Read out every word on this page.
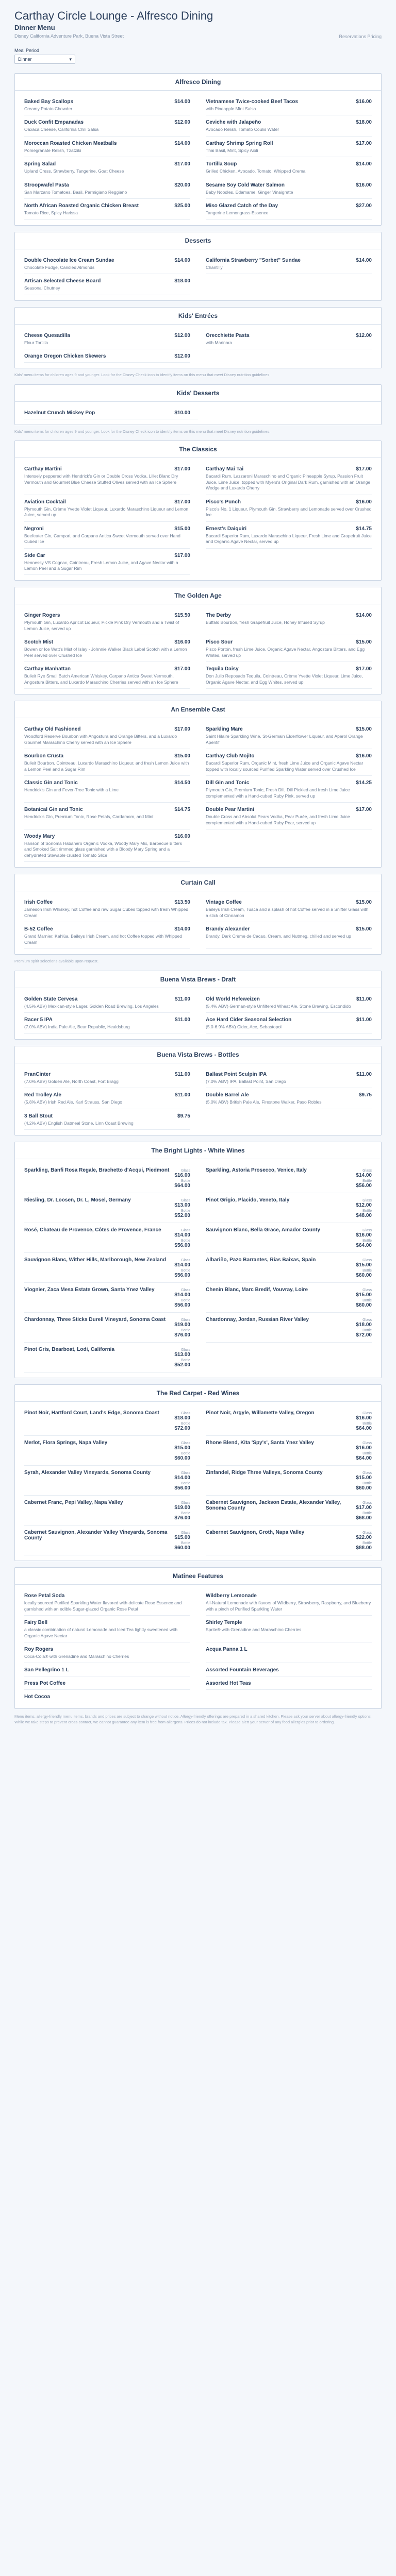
Carthay Circle Lounge - Alfresco Dining
Dinner Menu
Disney California Adventure Park, Buena Vista Street	Reservations Pricing
Meal Period
Dinner	▾
Alfresco Dining
Baked Bay Scallops	$14.00
Creamy Potato Chowder
Vietnamese Twice-cooked Beef Tacos	$16.00
with Pineapple Mint Salsa
Duck Confit Empanadas	$12.00
Oaxaca Cheese, California Chili Salsa
Ceviche with Jalapeño	$18.00
Avocado Relish, Tomato Coulis Water
Moroccan Roasted Chicken Meatballs	$14.00
Pomegranate Relish, Tzatziki
Carthay Shrimp Spring Roll	$17.00
Thai Basil, Mint, Spicy Aioli
Spring Salad	$17.00
Upland Cress, Strawberry, Tangerine, Goat Cheese
Tortilla Soup	$14.00
Grilled Chicken, Avocado, Tomato, Whipped Crema
Stroopwafel Pasta	$20.00
San Marzano Tomatoes, Basil, Parmigiano Reggiano
Sesame Soy Cold Water Salmon	$16.00
Baby Noodles, Edamame, Ginger Vinaigrette
North African Roasted Organic Chicken Breast	$25.00
Tomato Rice, Spicy Harissa
Miso Glazed Catch of the Day	$27.00
Tangerine Lemongrass Essence
Desserts
Double Chocolate Ice Cream Sundae	$14.00
Chocolate Fudge, Candied Almonds
California Strawberry "Sorbet" Sundae	$14.00
Chantilly
Artisan Selected Cheese Board	$18.00
Seasonal Chutney
Kids' Entrées
Cheese Quesadilla	$12.00
Flour Tortilla
Orecchiette Pasta	$12.00
with Marinara
Orange Oregon Chicken Skewers	$12.00
Kids' menu items for children ages 9 and younger. Look for the Disney Check icon to identify items on this menu that meet Disney nutrition guidelines.
Kids' Desserts
Hazelnut Crunch Mickey Pop	$10.00
Kids' menu items for children ages 9 and younger. Look for the Disney Check icon to identify items on this menu that meet Disney nutrition guidelines.
The Classics
Carthay Martini	$17.00
Intensely peppered with Hendrick's Gin or Double Cross Vodka, Lillet Blanc Dry Vermouth and Gourmet Blue Cheese Stuffed Olives served with an Ice Sphere
Carthay Mai Tai	$17.00
Bacardi Rum, Lazzaroni Maraschino and Organic Pineapple Syrup, Passion Fruit Juice, Lime Juice, topped with Myers's Original Dark Rum, garnished with an Orange Wedge and Luxardo Cherry
Aviation Cocktail	$17.00
Plymouth Gin, Crème Yvette Violet Liqueur, Luxardo Maraschino Liqueur and Lemon Juice, served up
Pisco's Punch	$16.00
Pisco's No. 1 Liqueur, Plymouth Gin, Strawberry and Lemonade served over Crushed Ice
Negroni	$15.00
Beefeater Gin, Campari, and Carpano Antica Sweet Vermouth served over Hand Cubed Ice
Ernest's Daiquiri	$14.75
Bacardi Superior Rum, Luxardo Maraschino Liqueur, Fresh Lime and Grapefruit Juice and Organic Agave Nectar, served up
Side Car	$17.00
Hennessy VS Cognac, Cointreau, Fresh Lemon Juice, and Agave Nectar with a Lemon Peel and a Sugar Rim
The Golden Age
Ginger Rogers	$15.50
Plymouth Gin, Luxardo Apricot Liqueur, Pickle Pink Dry Vermouth and a Twist of Lemon Juice, served up
The Derby	$14.00
Buffalo Bourbon, fresh Grapefruit Juice, Honey Infused Syrup
Scotch Mist	$16.00
Bowen or Ice Watt's Mist of Islay - Johnnie Walker Black Label Scotch with a Lemon Peel served over Crushed Ice
Pisco Sour	$15.00
Pisco Portón, fresh Lime Juice, Organic Agave Nectar, Angostura Bitters, and Egg Whites, served up
Carthay Manhattan	$17.00
Bulleit Rye Small Batch American Whiskey, Carpano Antica Sweet Vermouth, Angostura Bitters, and Luxardo Maraschino Cherries served with an Ice Sphere
Tequila Daisy	$17.00
Don Julio Reposado Tequila, Cointreau, Crème Yvette Violet Liqueur, Lime Juice, Organic Agave Nectar, and Egg Whites, served up
An Ensemble Cast
Carthay Old Fashioned	$17.00
Woodford Reserve Bourbon with Angostura and Orange Bitters, and a Luxardo Gourmet Maraschino Cherry served with an Ice Sphere
Sparkling Mare	$15.00
Saint Hilaire Sparkling Wine, St-Germain Elderflower Liqueur, and Aperol Orange Aperitif
Bourbon Crusta	$15.00
Bulleit Bourbon, Cointreau, Luxardo Maraschino Liqueur, and fresh Lemon Juice with a Lemon Peel and a Sugar Rim
Carthay Club Mojito	$16.00
Bacardi Superior Rum, Organic Mint, fresh Lime Juice and Organic Agave Nectar topped with locally sourced Purified Sparkling Water served over Crushed Ice
Classic Gin and Tonic	$14.50
Hendrick's Gin and Fever-Tree Tonic with a Lime
Dill Gin and Tonic	$14.25
Plymouth Gin, Premium Tonic, Fresh Dill, Dill Pickled and fresh Lime Juice complemented with a Hand-cubed Ruby Pink, served up
Botanical Gin and Tonic	$14.75
Hendrick's Gin, Premium Tonic, Rose Petals, Cardamom, and Mint
Double Pear Martini	$17.00
Double Cross and Absolut Pears Vodka, Pear Purée, and fresh Lime Juice complemented with a Hand-cubed Ruby Pear, served up
Woody Mary	$16.00
Hanson of Sonoma Habanero Organic Vodka, Woody Mary Mix, Barbecue Bitters and Smoked Salt rimmed glass garnished with a Bloody Mary Spring and a dehydrated Stewable crusted Tomato Slice
Curtain Call
Irish Coffee	$13.50
Jameson Irish Whiskey, hot Coffee and raw Sugar Cubes topped with fresh Whipped Cream
Vintage Coffee	$15.00
Baileys Irish Cream, Tuaca and a splash of hot Coffee served in a Snifter Glass with a stick of Cinnamon
B-52 Coffee	$14.00
Grand Marnier, Kahlúa, Baileys Irish Cream, and hot Coffee topped with Whipped Cream
Brandy Alexander	$15.00
Brandy, Dark Crème de Cacao, Cream, and Nutmeg, chilled and served up
Premium spirit selections available upon request.
Buena Vista Brews - Draft
Golden State Cervesa	$11.00
(4.5% ABV) Mexican-style Lager, Golden Road Brewing, Los Angeles
Old World Hefeweizen	$11.00
(5.4% ABV) German-style Unfiltered Wheat Ale, Stone Brewing, Escondido
Racer 5 IPA	$11.00
(7.0% ABV) India Pale Ale, Bear Republic, Healdsburg
Ace Hard Cider Seasonal Selection	$11.00
(5.0-6.9% ABV) Cider, Ace, Sebastopol
Buena Vista Brews - Bottles
PranCinter	$11.00
(7.0% ABV) Golden Ale, North Coast, Fort Bragg
Ballast Point Sculpin IPA	$11.00
(7.0% ABV) IPA, Ballast Point, San Diego
Red Trolley Ale	$11.00
(5.8% ABV) Irish Red Ale, Karl Strauss, San Diego
Double Barrel Ale	$9.75
(5.0% ABV) British Pale Ale, Firestone Walker, Paso Robles
3 Ball Stout	$9.75
(4.2% ABV) English Oatmeal Stone, Linn Coast Brewing
The Bright Lights - White Wines
Sparkling, Banfi Rosa Regale, Brachetto d'Acqui, Piedmont	Glass
$16.00
Bottle
$64.00
Sparkling, Astoria Prosecco, Venice, Italy	Glass
$14.00
Bottle
$56.00
Riesling, Dr. Loosen, Dr. L, Mosel, Germany	Glass
$13.00
Bottle
$52.00
Pinot Grigio, Placido, Veneto, Italy	Glass
$12.00
Bottle
$48.00
Rosé, Chateau de Provence, Côtes de Provence, France	Glass
$14.00
Bottle
$56.00
Sauvignon Blanc, Bella Grace, Amador County	Glass
$16.00
Bottle
$64.00
Sauvignon Blanc, Wither Hills, Marlborough, New Zealand	Glass
$14.00
Bottle
$56.00
Albariño, Pazo Barrantes, Rías Baixas, Spain	Glass
$15.00
Bottle
$60.00
Viognier, Zaca Mesa Estate Grown, Santa Ynez Valley	Glass
$14.00
Bottle
$56.00
Chenin Blanc, Marc Bredif, Vouvray, Loire	Glass
$15.00
Bottle
$60.00
Chardonnay, Three Sticks Durell Vineyard, Sonoma Coast	Glass
$19.00
Bottle
$76.00
Chardonnay, Jordan, Russian River Valley	Glass
$18.00
Bottle
$72.00
Pinot Gris, Bearboat, Lodi, California	Glass
$13.00
Bottle
$52.00
The Red Carpet - Red Wines
Pinot Noir, Hartford Court, Land's Edge, Sonoma Coast	Glass
$18.00
Bottle
$72.00
Pinot Noir, Argyle, Willamette Valley, Oregon	Glass
$16.00
Bottle
$64.00
Merlot, Flora Springs, Napa Valley	Glass
$15.00
Bottle
$60.00
Rhone Blend, Kita 'Spy's', Santa Ynez Valley	Glass
$16.00
Bottle
$64.00
Syrah, Alexander Valley Vineyards, Sonoma County	Glass
$14.00
Bottle
$56.00
Zinfandel, Ridge Three Valleys, Sonoma County	Glass
$15.00
Bottle
$60.00
Cabernet Franc, Pepi Valley, Napa Valley	Glass
$19.00
Bottle
$76.00
Cabernet Sauvignon, Jackson Estate, Alexander Valley, Sonoma County
Glass
$17.00
Bottle
$68.00
Cabernet Sauvignon, Alexander Valley Vineyards, Sonoma County
Glass
$15.00
Bottle
$60.00
Cabernet Sauvignon, Groth, Napa Valley	Glass
$22.00
Bottle
$88.00
Matinee Features
Rose Petal Soda
locally sourced Purified Sparkling Water flavored with delicate Rose Essence and garnished with an edible Sugar-glazed Organic Rose Petal
Wildberry Lemonade
All-Natural Lemonade with flavors of Wildberry, Strawberry, Raspberry, and Blueberry with a pinch of Purified Sparkling Water
Fairy Bell
a classic combination of natural Lemonade and Iced Tea lightly sweetened with Organic Agave Nectar
Shirley Temple
Sprite® with Grenadine and Maraschino Cherries
Roy Rogers
Coca-Cola® with Grenadine and Maraschino Cherries
Acqua Panna 1 L
San Pellegrino 1 L	Assorted Fountain Beverages
Press Pot Coffee	Assorted Hot Teas
Hot Cocoa
Menu items, allergy-friendly menu items, brands and prices are subject to change without notice. Allergy-friendly offerings are prepared in a shared kitchen. Please ask your server about allergy-friendly options. While we take steps to prevent cross-contact, we cannot guarantee any item is free from allergens. Prices do not include tax. Please alert your server of any food allergies prior to ordering.
